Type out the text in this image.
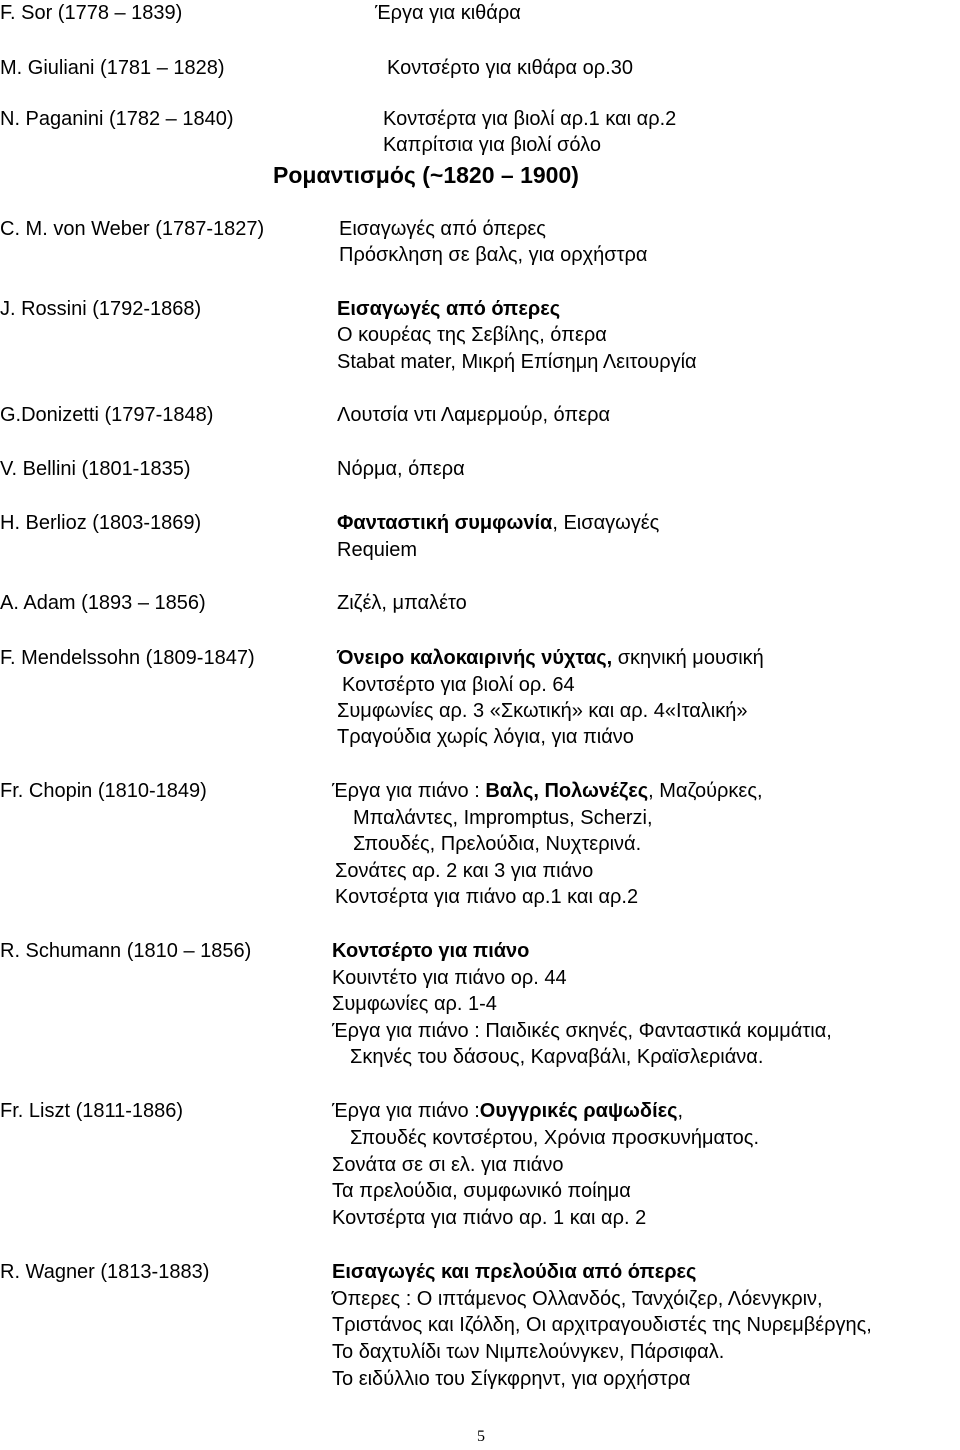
F. Sor (1778 – 1839)	Έργα για κιθάρα
M. Giuliani (1781 – 1828)	Κοντσέρτο για κιθάρα ορ.30
N. Paganini (1782 – 1840)	Κοντσέρτα για βιολί αρ.1 και αρ.2
Καπρίτσια για βιολί σόλο
Ρομαντισμός (~1820 – 1900)
C. M. von Weber (1787-1827)	Εισαγωγές από όπερες
Πρόσκληση σε βαλς, για ορχήστρα
J. Rossini (1792-1868)	Εισαγωγές από όπερες
Ο κουρέας της Σεβίλης, όπερα
Stabat mater, Μικρή Επίσημη Λειτουργία
G.Donizetti (1797-1848)	Λουτσία ντι Λαμερμούρ, όπερα
V. Bellini (1801-1835)	Νόρμα, όπερα
H. Berlioz (1803-1869)	Φανταστική συμφωνία, Εισαγωγές
Requiem
A. Adam (1893 – 1856)	Ζιζέλ, μπαλέτο
F. Mendelssohn (1809-1847)	Όνειρο καλοκαιρινής νύχτας, σκηνική μουσική
Κοντσέρτο για βιολί ορ. 64
Συμφωνίες αρ. 3 «Σκωτική» και αρ. 4«Ιταλική»
Τραγούδια χωρίς λόγια, για πιάνο
Fr. Chopin (1810-1849)	Έργα για πιάνο : Βαλς, Πολωνέζες, Μαζούρκες,
Μπαλάντες, Impromptus, Scherzi,
Σπουδές, Πρελούδια, Νυχτερινά.
Σονάτες αρ. 2 και 3 για πιάνο
Κοντσέρτα για πιάνο αρ.1 και αρ.2
R. Schumann (1810 – 1856)	Κοντσέρτο για πιάνο
Κουιντέτο για πιάνο ορ. 44
Συμφωνίες αρ. 1-4
Έργα για πιάνο : Παιδικές σκηνές, Φανταστικά κομμάτια,
Σκηνές του δάσους, Καρναβάλι, Κραϊσλεριάνα.
Fr. Liszt (1811-1886)	Έργα για πιάνο :Ουγγρικές ραψωδίες,
Σπουδές κοντσέρτου, Χρόνια προσκυνήματος.
Σονάτα σε σι ελ. για πιάνο
Τα πρελούδια, συμφωνικό ποίημα
Κοντσέρτα για πιάνο αρ. 1 και αρ. 2
R. Wagner (1813-1883)	Εισαγωγές και πρελούδια από όπερες
Όπερες : Ο ιπτάμενος Ολλανδός, Τανχόιζερ, Λόενγκριν,
Τριστάνος και Ιζόλδη, Οι αρχιτραγουδιστές της Νυρεμβέργης,
Το δαχτυλίδι των Νιμπελούνγκεν, Πάρσιφαλ.
Το ειδύλλιο του Σίγκφρηντ, για ορχήστρα
5
